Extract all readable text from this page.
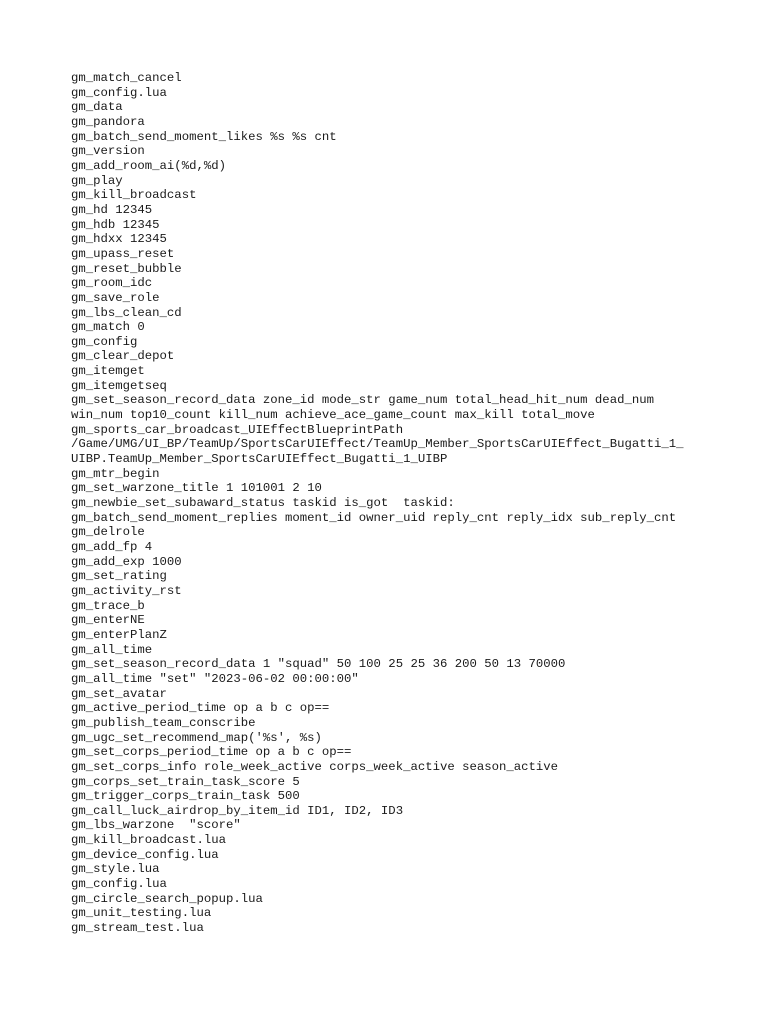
gm_match_cancel
gm_config.lua
gm_data
gm_pandora
gm_batch_send_moment_likes %s %s cnt
gm_version
gm_add_room_ai(%d,%d)
gm_play
gm_kill_broadcast
gm_hd 12345
gm_hdb 12345
gm_hdxx 12345
gm_upass_reset
gm_reset_bubble
gm_room_idc
gm_save_role
gm_lbs_clean_cd
gm_match 0
gm_config
gm_clear_depot
gm_itemget
gm_itemgetseq
gm_set_season_record_data zone_id mode_str game_num total_head_hit_num dead_num
win_num top10_count kill_num achieve_ace_game_count max_kill total_move
gm_sports_car_broadcast_UIEffectBlueprintPath
/Game/UMG/UI_BP/TeamUp/SportsCarUIEffect/TeamUp_Member_SportsCarUIEffect_Bugatti_1_
UIBP.TeamUp_Member_SportsCarUIEffect_Bugatti_1_UIBP
gm_mtr_begin
gm_set_warzone_title 1 101001 2 10
gm_newbie_set_subaward_status taskid is_got  taskid:
gm_batch_send_moment_replies moment_id owner_uid reply_cnt reply_idx sub_reply_cnt
gm_delrole
gm_add_fp 4
gm_add_exp 1000
gm_set_rating
gm_activity_rst
gm_trace_b
gm_enterNE
gm_enterPlanZ
gm_all_time
gm_set_season_record_data 1 "squad" 50 100 25 25 36 200 50 13 70000
gm_all_time "set" "2023-06-02 00:00:00"
gm_set_avatar
gm_active_period_time op a b c op==
gm_publish_team_conscribe
gm_ugc_set_recommend_map('%s', %s)
gm_set_corps_period_time op a b c op==
gm_set_corps_info role_week_active corps_week_active season_active
gm_corps_set_train_task_score 5
gm_trigger_corps_train_task 500
gm_call_luck_airdrop_by_item_id ID1, ID2, ID3
gm_lbs_warzone  "score"
gm_kill_broadcast.lua
gm_device_config.lua
gm_style.lua
gm_config.lua
gm_circle_search_popup.lua
gm_unit_testing.lua
gm_stream_test.lua
